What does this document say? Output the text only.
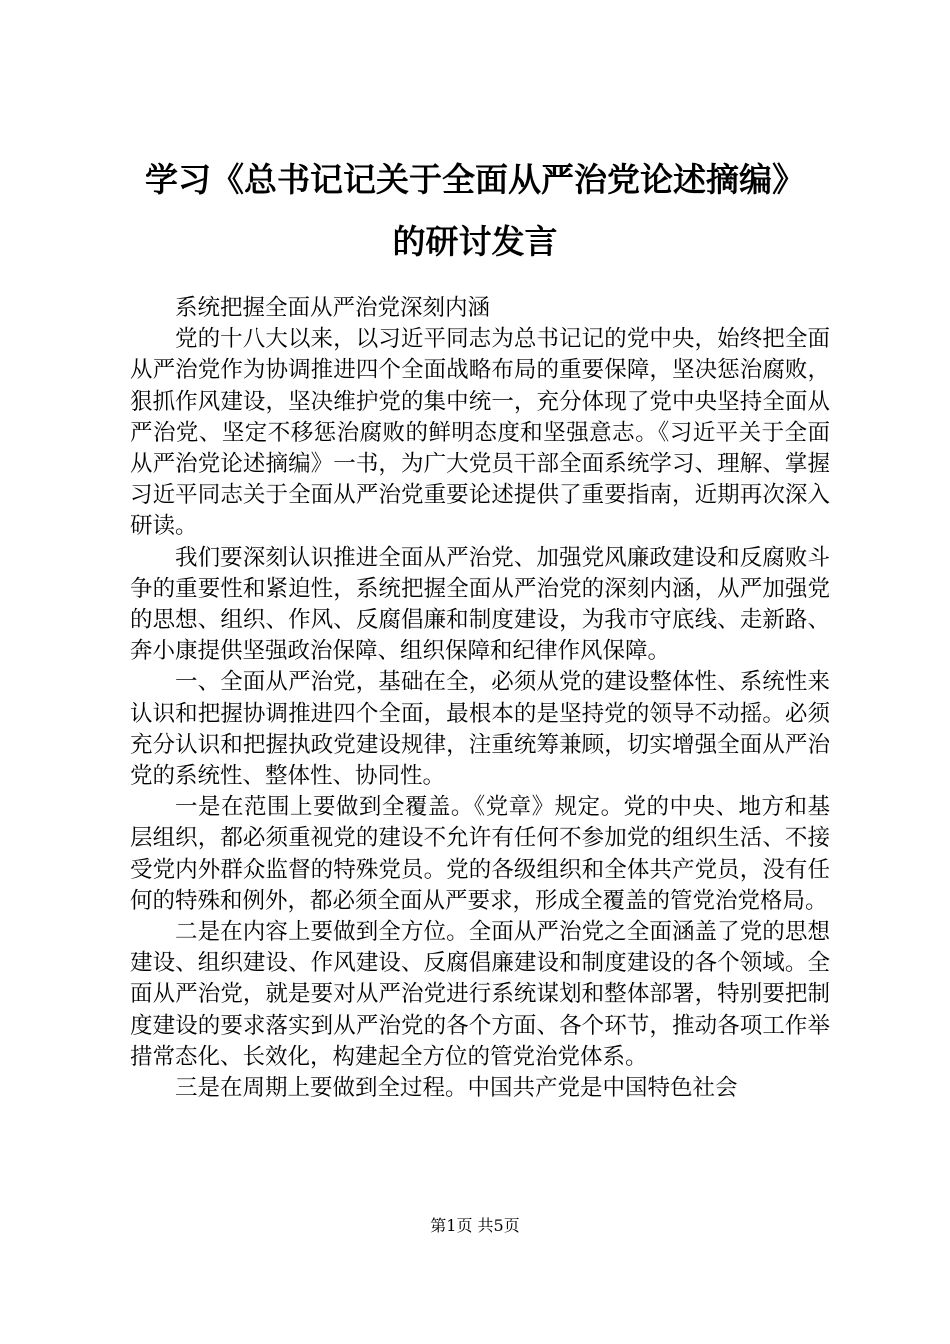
学习《总书记记关于全面从严治党论述摘编》
的研讨发言

系统把握全面从严治党深刻内涵

党的十八大以来，以习近平同志为总书记记的党中央，始终把全面从严治党作为协调推进四个全面战略布局的重要保障，坚决惩治腐败，狠抓作风建设，坚决维护党的集中统一，充分体现了党中央坚持全面从严治党、坚定不移惩治腐败的鲜明态度和坚强意志。《习近平关于全面从严治党论述摘编》一书，为广大党员干部全面系统学习、理解、掌握习近平同志关于全面从严治党重要论述提供了重要指南，近期再次深入研读。

我们要深刻认识推进全面从严治党、加强党风廉政建设和反腐败斗争的重要性和紧迫性，系统把握全面从严治党的深刻内涵，从严加强党的思想、组织、作风、反腐倡廉和制度建设，为我市守底线、走新路、奔小康提供坚强政治保障、组织保障和纪律作风保障。

一、全面从严治党，基础在全，必须从党的建设整体性、系统性来认识和把握协调推进四个全面，最根本的是坚持党的领导不动摇。必须充分认识和把握执政党建设规律，注重统筹兼顾，切实增强全面从严治党的系统性、整体性、协同性。

一是在范围上要做到全覆盖。《党章》规定。党的中央、地方和基层组织，都必须重视党的建设不允许有任何不参加党的组织生活、不接受党内外群众监督的特殊党员。党的各级组织和全体共产党员，没有任何的特殊和例外，都必须全面从严要求，形成全覆盖的管党治党格局。

二是在内容上要做到全方位。全面从严治党之全面涵盖了党的思想建设、组织建设、作风建设、反腐倡廉建设和制度建设的各个领域。全面从严治党，就是要对从严治党进行系统谋划和整体部署，特别要把制度建设的要求落实到从严治党的各个方面、各个环节，推动各项工作举措常态化、长效化，构建起全方位的管党治党体系。

三是在周期上要做到全过程。中国共产党是中国特色社会

第1页 共5页
